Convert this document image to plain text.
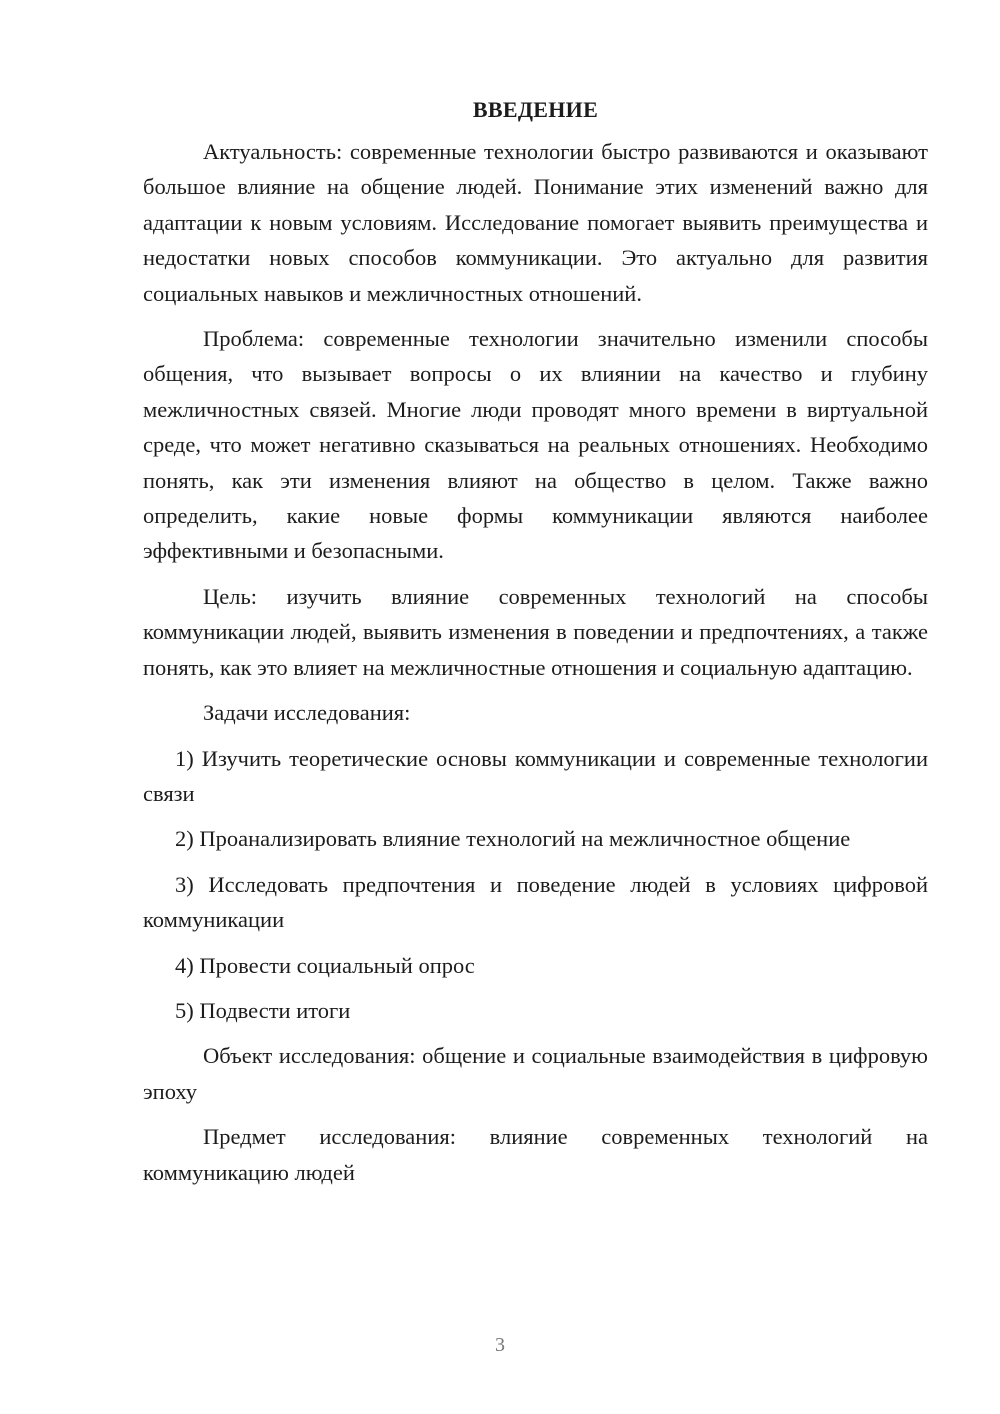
ВВЕДЕНИЕ

Актуальность: современные технологии быстро развиваются и оказывают большое влияние на общение людей. Понимание этих изменений важно для адаптации к новым условиям. Исследование помогает выявить преимущества и недостатки новых способов коммуникации. Это актуально для развития социальных навыков и межличностных отношений.

Проблема: современные технологии значительно изменили способы общения, что вызывает вопросы о их влиянии на качество и глубину межличностных связей. Многие люди проводят много времени в виртуальной среде, что может негативно сказываться на реальных отношениях. Необходимо понять, как эти изменения влияют на общество в целом. Также важно определить, какие новые формы коммуникации являются наиболее эффективными и безопасными.

Цель: изучить влияние современных технологий на способы коммуникации людей, выявить изменения в поведении и предпочтениях, а также понять, как это влияет на межличностные отношения и социальную адаптацию.

Задачи исследования:

1) Изучить теоретические основы коммуникации и современные технологии связи

2) Проанализировать влияние технологий на межличностное общение

3) Исследовать предпочтения и поведение людей в условиях цифровой коммуникации

4) Провести социальный опрос

5) Подвести итоги

Объект исследования: общение и социальные взаимодействия в цифровую эпоху

Предмет исследования: влияние современных технологий на коммуникацию людей

3
